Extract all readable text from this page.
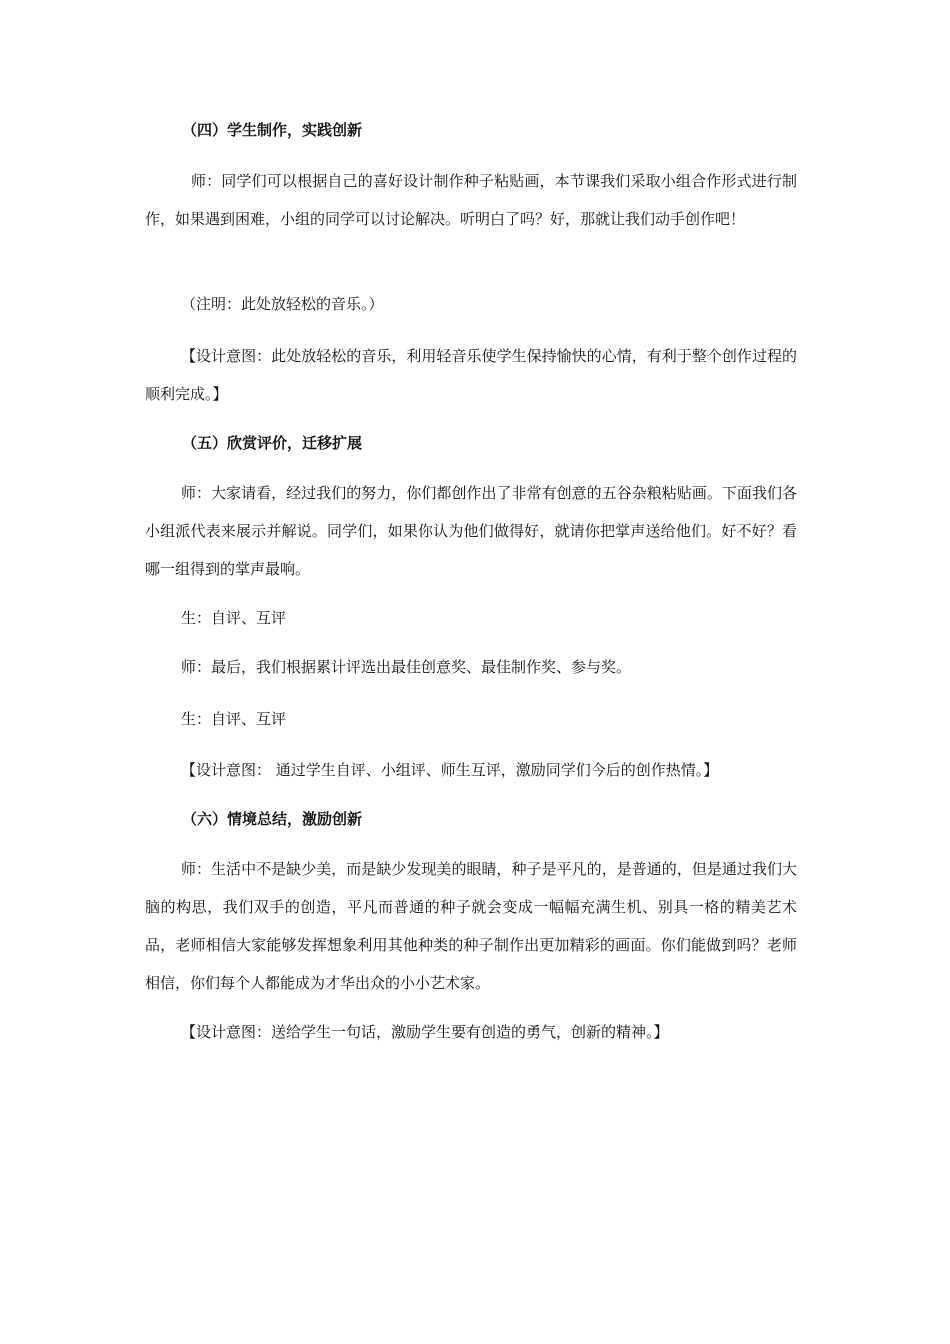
（四）学生制作，实践创新

师：同学们可以根据自己的喜好设计制作种子粘贴画，本节课我们采取小组合作形式进行制作，如果遇到困难，小组的同学可以讨论解决。听明白了吗？好，那就让我们动手创作吧！

（注明：此处放轻松的音乐。）

【设计意图：此处放轻松的音乐，利用轻音乐使学生保持愉快的心情，有利于整个创作过程的顺利完成。】

（五）欣赏评价，迁移扩展

师：大家请看，经过我们的努力，你们都创作出了非常有创意的五谷杂粮粘贴画。下面我们各小组派代表来展示并解说。同学们，如果你认为他们做得好，就请你把掌声送给他们。好不好？看哪一组得到的掌声最响。

生：自评、互评

师：最后，我们根据累计评选出最佳创意奖、最佳制作奖、参与奖。

生：自评、互评

【设计意图： 通过学生自评、小组评、师生互评，激励同学们今后的创作热情。】

（六）情境总结，激励创新

师：生活中不是缺少美，而是缺少发现美的眼睛，种子是平凡的，是普通的，但是通过我们大脑的构思，我们双手的创造，平凡而普通的种子就会变成一幅幅充满生机、别具一格的精美艺术品，老师相信大家能够发挥想象利用其他种类的种子制作出更加精彩的画面。你们能做到吗？老师相信，你们每个人都能成为才华出众的小小艺术家。

【设计意图：送给学生一句话，激励学生要有创造的勇气，创新的精神。】
